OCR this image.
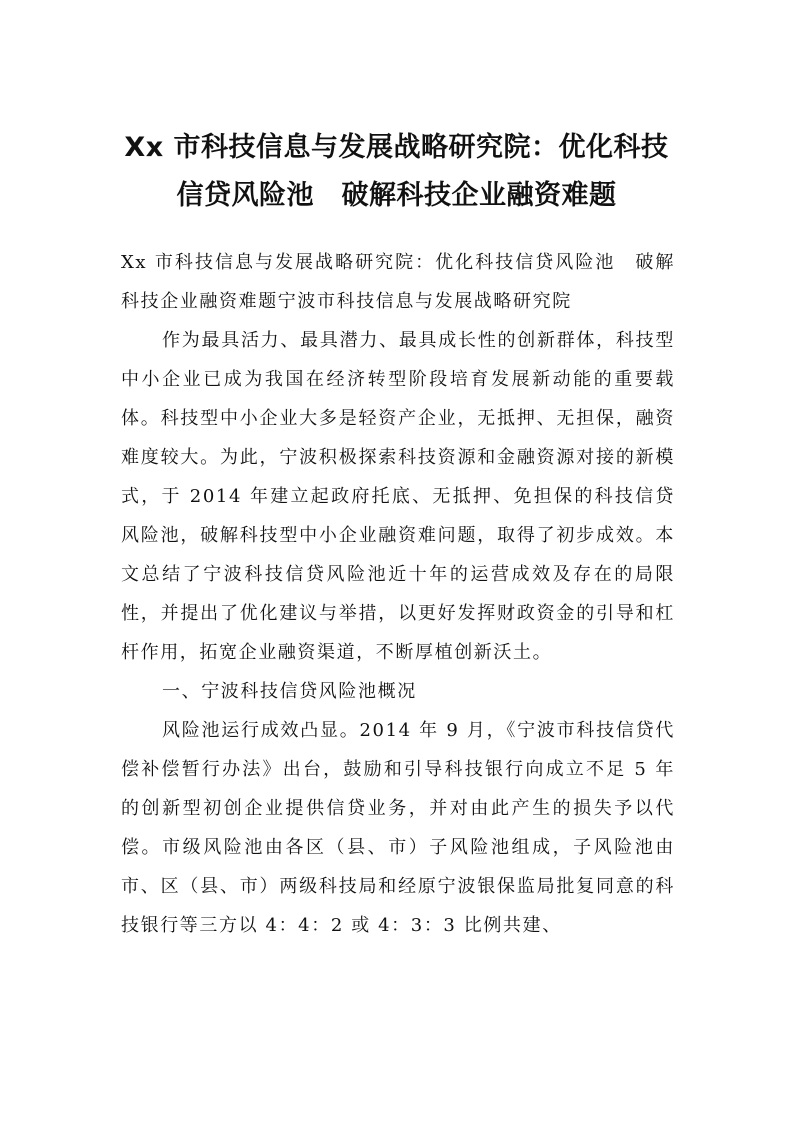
Xx 市科技信息与发展战略研究院：优化科技
信贷风险池　破解科技企业融资难题

Xx 市科技信息与发展战略研究院：优化科技信贷风险池　破解科技企业融资难题宁波市科技信息与发展战略研究院

作为最具活力、最具潜力、最具成长性的创新群体，科技型中小企业已成为我国在经济转型阶段培育发展新动能的重要载体。科技型中小企业大多是轻资产企业，无抵押、无担保，融资难度较大。为此，宁波积极探索科技资源和金融资源对接的新模式，于 2014 年建立起政府托底、无抵押、免担保的科技信贷风险池，破解科技型中小企业融资难问题，取得了初步成效。本文总结了宁波科技信贷风险池近十年的运营成效及存在的局限性，并提出了优化建议与举措，以更好发挥财政资金的引导和杠杆作用，拓宽企业融资渠道，不断厚植创新沃土。

一、宁波科技信贷风险池概况

风险池运行成效凸显。2014 年 9 月，《宁波市科技信贷代偿补偿暂行办法》出台，鼓励和引导科技银行向成立不足 5 年的创新型初创企业提供信贷业务，并对由此产生的损失予以代偿。市级风险池由各区（县、市）子风险池组成，子风险池由市、区（县、市）两级科技局和经原宁波银保监局批复同意的科技银行等三方以 4：4：2 或 4：3：3 比例共建、
